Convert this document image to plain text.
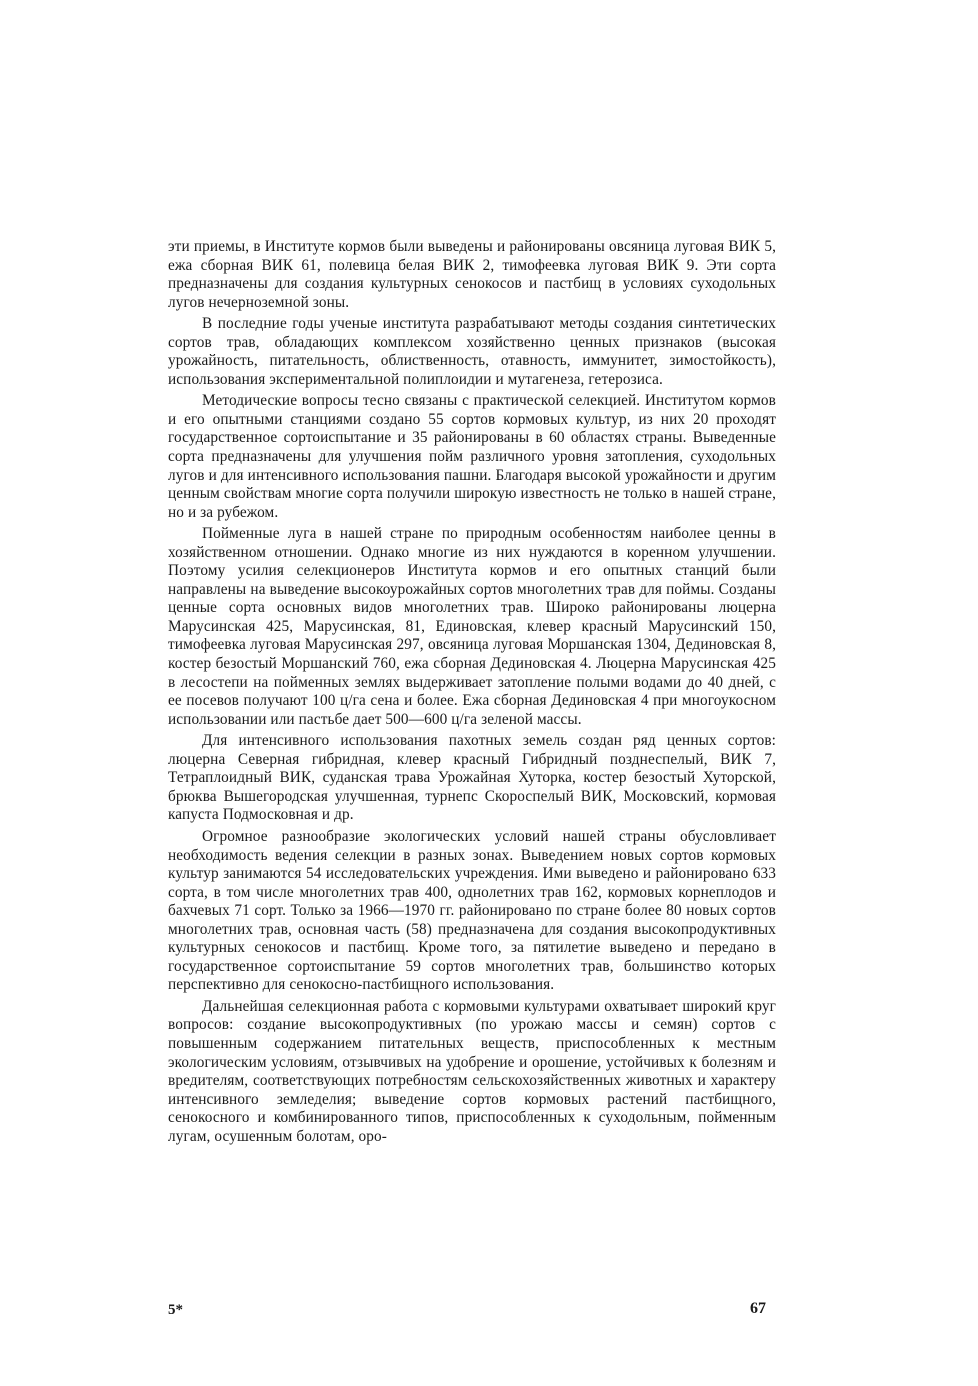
эти приемы, в Институте кормов были выведены и районированы овсяница луговая ВИК 5, ежа сборная ВИК 61, полевица белая ВИК 2, тимофеевка луговая ВИК 9. Эти сорта предназначены для создания культурных сенокосов и пастбищ в условиях суходольных лугов нечерноземной зоны.

В последние годы ученые института разрабатывают методы создания синтетических сортов трав, обладающих комплексом хозяйственно ценных признаков (высокая урожайность, питательность, облиственность, отавность, иммунитет, зимостойкость), использования экспериментальной полиплоидии и мутагенеза, гетерозиса.

Методические вопросы тесно связаны с практической селекцией. Институтом кормов и его опытными станциями создано 55 сортов кормовых культур, из них 20 проходят государственное сортоиспытание и 35 районированы в 60 областях страны. Выведенные сорта предназначены для улучшения пойм различного уровня затопления, суходольных лугов и для интенсивного использования пашни. Благодаря высокой урожайности и другим ценным свойствам многие сорта получили широкую известность не только в нашей стране, но и за рубежом.

Пойменные луга в нашей стране по природным особенностям наиболее ценны в хозяйственном отношении. Однако многие из них нуждаются в коренном улучшении. Поэтому усилия селекционеров Института кормов и его опытных станций были направлены на выведение высокоурожайных сортов многолетних трав для поймы. Созданы ценные сорта основных видов многолетних трав. Широко районированы люцерна Марусинская 425, Марусинская, 81, Единовская, клевер красный Марусинский 150, тимофеевка луговая Марусинская 297, овсяница луговая Моршанская 1304, Дединовская 8, костер безостый Моршанский 760, ежа сборная Дединовская 4. Люцерна Марусинская 425 в лесостепи на пойменных землях выдерживает затопление полыми водами до 40 дней, с ее посевов получают 100 ц/га сена и более. Ежа сборная Дединовская 4 при многоукосном использовании или пастьбе дает 500—600 ц/га зеленой массы.

Для интенсивного использования пахотных земель создан ряд ценных сортов: люцерна Северная гибридная, клевер красный Гибридный позднеспелый, ВИК 7, Тетраплоидный ВИК, суданская трава Урожайная Хуторка, костер безостый Хуторской, брюква Вышегородская улучшенная, турнепс Скороспелый ВИК, Московский, кормовая капуста Подмосковная и др.

Огромное разнообразие экологических условий нашей страны обусловливает необходимость ведения селекции в разных зонах. Выведением новых сортов кормовых культур занимаются 54 исследовательских учреждения. Ими выведено и районировано 633 сорта, в том числе многолетних трав 400, однолетних трав 162, кормовых корнеплодов и бахчевых 71 сорт. Только за 1966—1970 гг. районировано по стране более 80 новых сортов многолетних трав, основная часть (58) предназначена для создания высокопродуктивных культурных сенокосов и пастбищ. Кроме того, за пятилетие выведено и передано в государственное сортоиспытание 59 сортов многолетних трав, большинство которых перспективно для сенокосно-пастбищного использования.

Дальнейшая селекционная работа с кормовыми культурами охватывает широкий круг вопросов: создание высокопродуктивных (по урожаю массы и семян) сортов с повышенным содержанием питательных веществ, приспособленных к местным экологическим условиям, отзывчивых на удобрение и орошение, устойчивых к болезням и вредителям, соответствующих потребностям сельскохозяйственных животных и характеру интенсивного земледелия; выведение сортов кормовых растений пастбищного, сенокосного и комбинированного типов, приспособленных к суходольным, пойменным лугам, осушенным болотам, оро-

5*	67
